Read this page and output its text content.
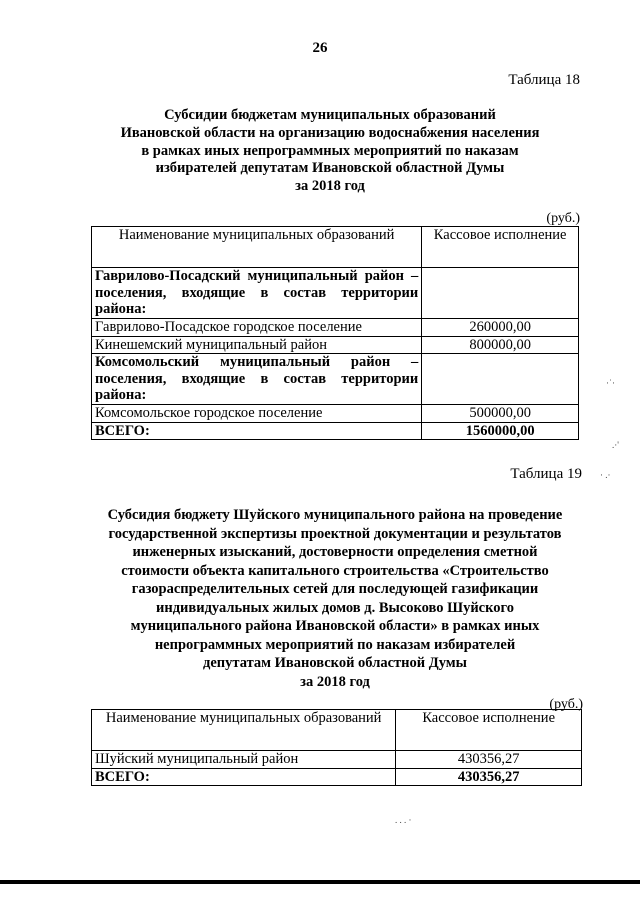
26
Таблица 18
Субсидии бюджетам муниципальных образований
Ивановской области на организацию водоснабжения населения
в рамках иных непрограммных мероприятий по наказам
избирателей депутатам Ивановской областной Думы
за 2018 год
(руб.)
Наименование муниципальных образований	Кассовое исполнение
Гаврилово-Посадский муниципальный район – поселения, входящие в состав территории района:	
Гаврилово-Посадское городское поселение	260000,00
Кинешемский муниципальный район	800000,00
Комсомольский муниципальный район – поселения, входящие в состав территории района:	
Комсомольское городское поселение	500000,00
ВСЕГО:	1560000,00
Таблица 19
Субсидия бюджету Шуйского муниципального района на проведение
государственной экспертизы проектной документации и результатов
инженерных изысканий, достоверности определения сметной
стоимости объекта капитального строительства «Строительство
газораспределительных сетей для последующей газификации
индивидуальных жилых домов д. Высоково Шуйского
муниципального района Ивановской области» в рамках иных
непрограммных мероприятий по наказам избирателей
депутатам Ивановской областной Думы
за 2018 год
(руб.)
Наименование муниципальных образований	Кассовое исполнение
Шуйский муниципальный район	430356,27
ВСЕГО:	430356,27
·˙·
.·'
· .·
. . . ·
